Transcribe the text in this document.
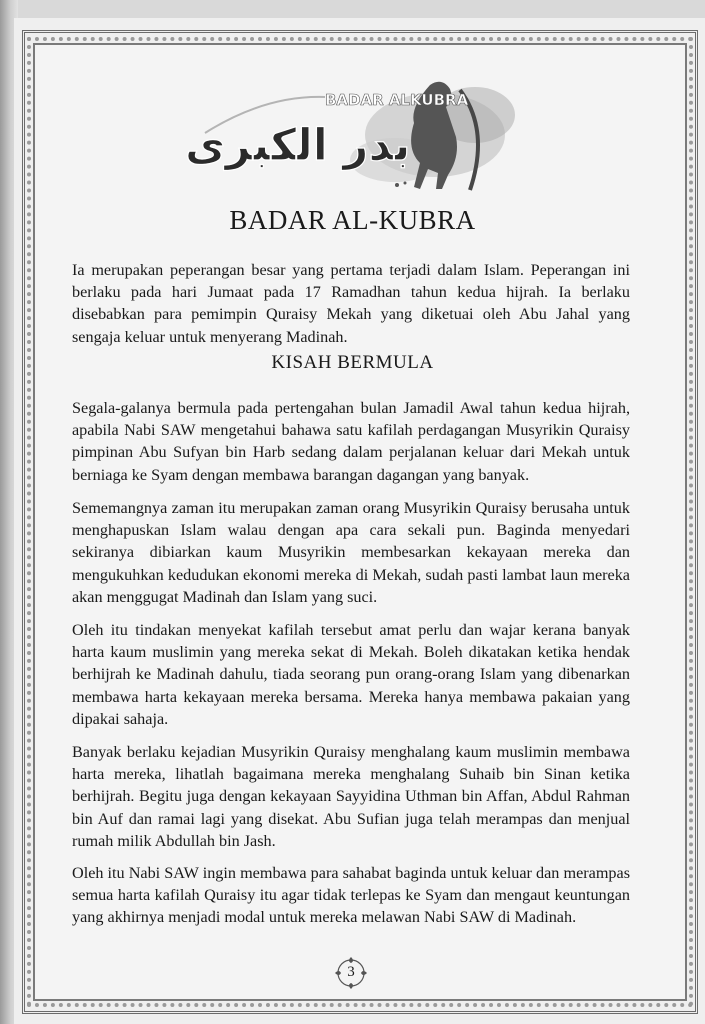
BADAR ALKUBRA
بدر الكبرى
BADAR AL-KUBRA

Ia merupakan peperangan besar yang pertama terjadi dalam Islam. Peperangan ini berlaku pada hari Jumaat pada 17 Ramadhan tahun kedua hijrah. Ia berlaku disebabkan para pemimpin Quraisy Mekah yang diketuai oleh Abu Jahal yang sengaja keluar untuk menyerang Madinah.

KISAH BERMULA

Segala-galanya bermula pada pertengahan bulan Jamadil Awal tahun kedua hijrah, apabila Nabi SAW mengetahui bahawa satu kafilah perdagangan Musyrikin Quraisy pimpinan Abu Sufyan bin Harb sedang dalam perjalanan keluar dari Mekah untuk berniaga ke Syam dengan membawa barangan dagangan yang banyak.

Sememangnya zaman itu merupakan zaman orang Musyrikin Quraisy berusaha untuk menghapuskan Islam walau dengan apa cara sekali pun. Baginda menyedari sekiranya dibiarkan kaum Musyrikin membesarkan kekayaan mereka dan mengukuhkan kedudukan ekonomi mereka di Mekah, sudah pasti lambat laun mereka akan menggugat Madinah dan Islam yang suci.

Oleh itu tindakan menyekat kafilah tersebut amat perlu dan wajar kerana banyak harta kaum muslimin yang mereka sekat di Mekah. Boleh dikatakan ketika hendak berhijrah ke Madinah dahulu, tiada seorang pun orang-orang Islam yang dibenarkan membawa harta kekayaan mereka bersama. Mereka hanya membawa pakaian yang dipakai sahaja.

Banyak berlaku kejadian Musyrikin Quraisy menghalang kaum muslimin membawa harta mereka, lihatlah bagaimana mereka menghalang Suhaib bin Sinan ketika berhijrah. Begitu juga dengan kekayaan Sayyidina Uthman bin Affan, Abdul Rahman bin Auf dan ramai lagi yang disekat. Abu Sufian juga telah merampas dan menjual rumah milik Abdullah bin Jash.

Oleh itu Nabi SAW ingin membawa para sahabat baginda untuk keluar dan merampas semua harta kafilah Quraisy itu agar tidak terlepas ke Syam dan mengaut keuntungan yang akhirnya menjadi modal untuk mereka melawan Nabi SAW di Madinah.

3
